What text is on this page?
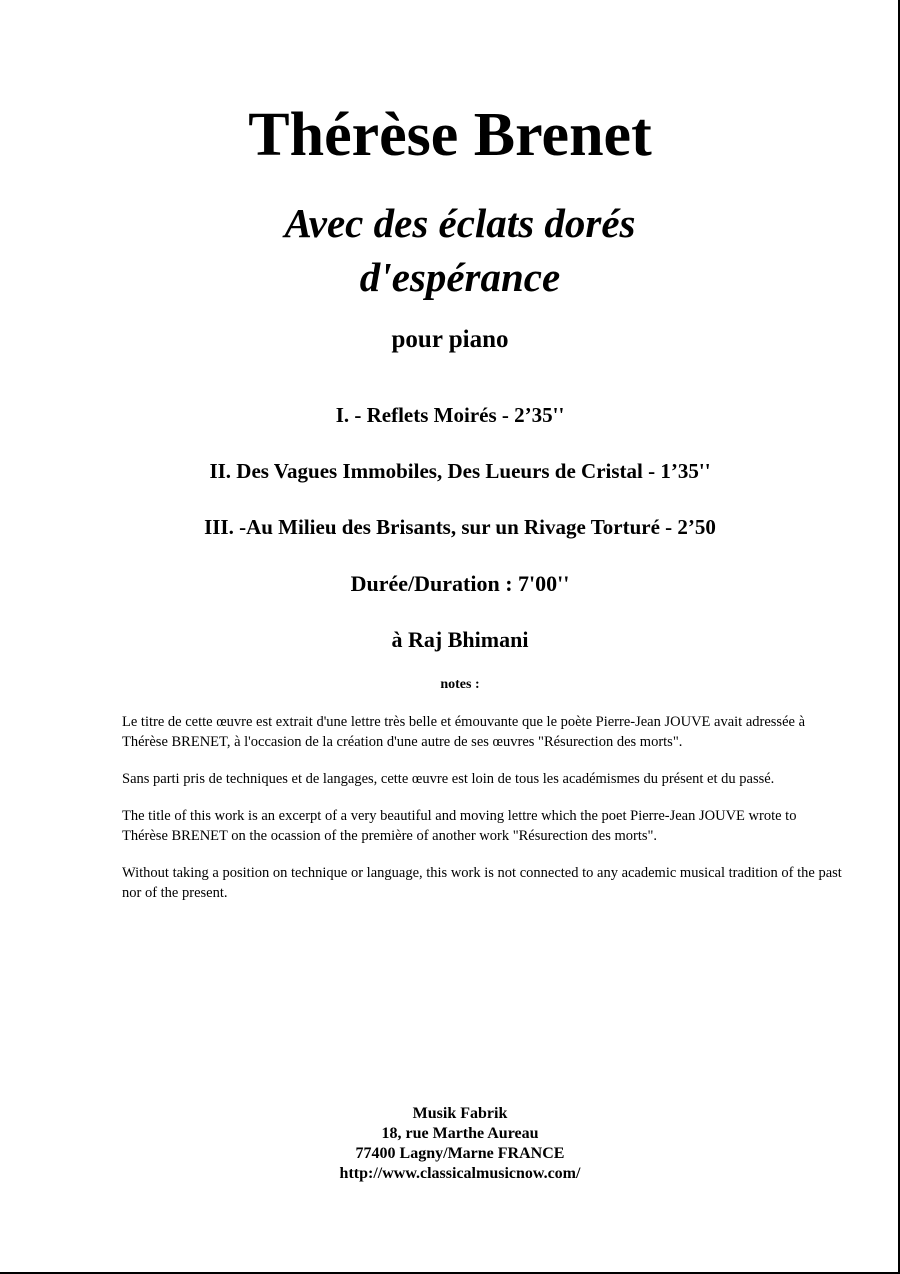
Thérèse Brenet
Avec des éclats dorés
d'espérance
pour piano
I. - Reflets Moirés - 2’35''
II. Des Vagues Immobiles, Des Lueurs de Cristal - 1’35''
III. -Au Milieu des Brisants, sur un Rivage Torturé - 2’50
Durée/Duration : 7'00''
à Raj Bhimani
notes :

Le titre de cette œuvre est extrait d'une lettre très belle et émouvante que le poète Pierre-Jean JOUVE avait adressée à Thérèse BRENET, à l'occasion de la création d'une autre de ses œuvres "Résurection des morts".

Sans parti pris de techniques et de langages, cette œuvre est loin de tous les académismes du présent et du passé.

The title of this work is an excerpt of a very beautiful and moving lettre which the poet Pierre-Jean JOUVE wrote to Thérèse BRENET on the ocassion of the première of another work "Résurection des morts".

Without taking a position on technique or language, this work is not connected to any academic musical tradition of the past nor of the present.

Musik Fabrik
18, rue Marthe Aureau
77400 Lagny/Marne FRANCE
http://www.classicalmusicnow.com/
